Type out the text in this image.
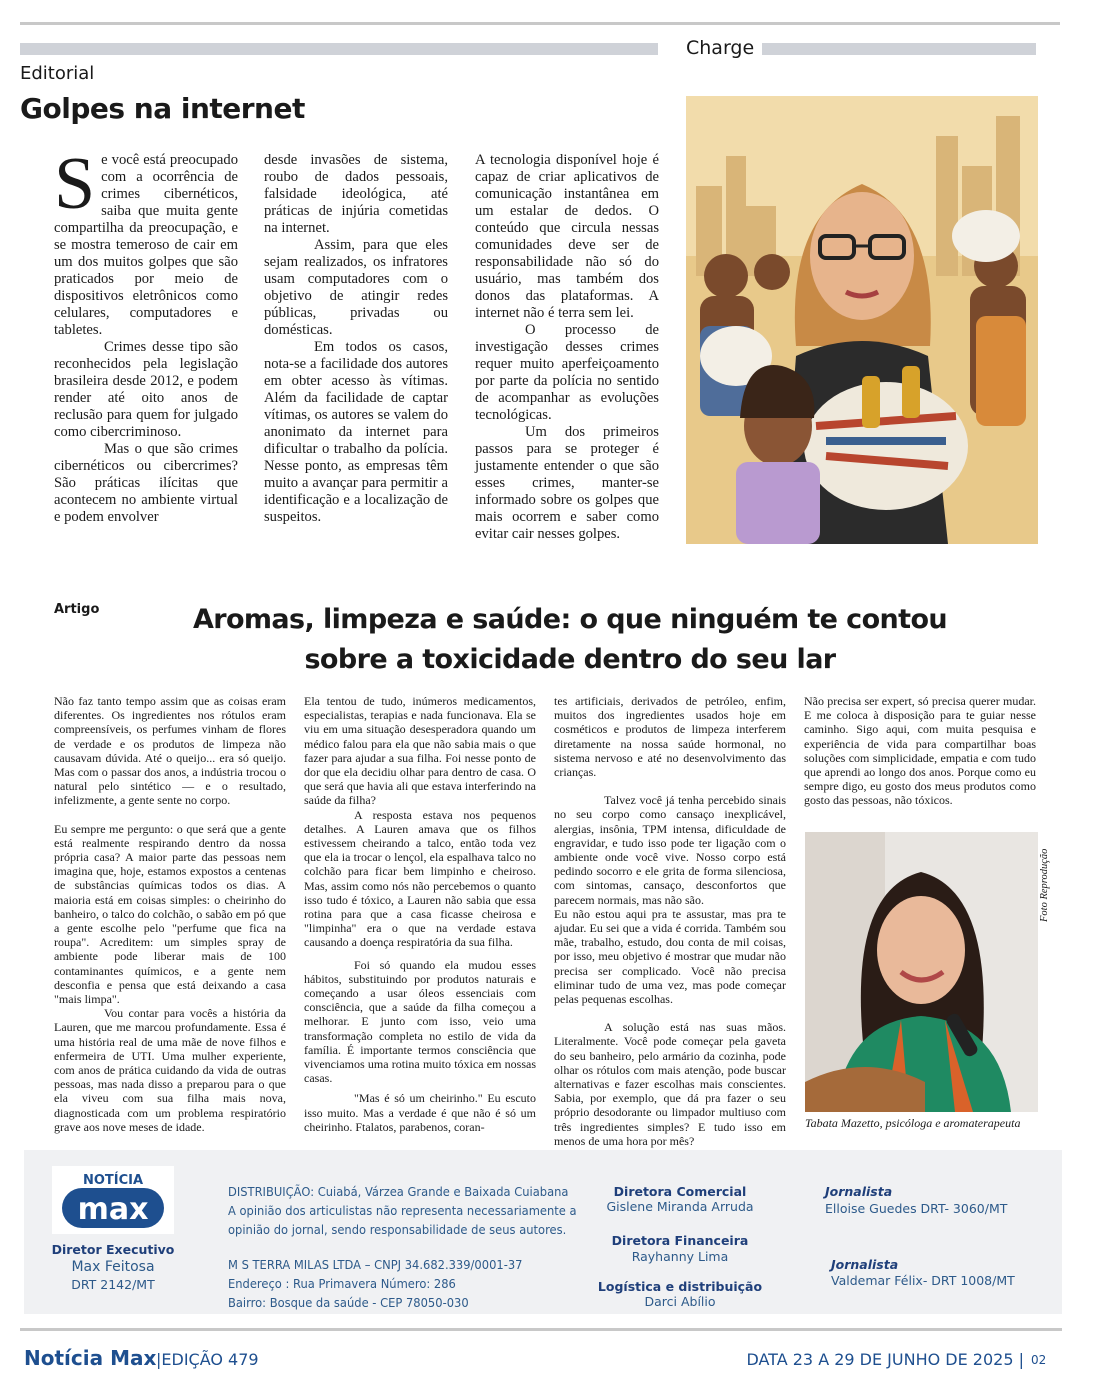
Charge
Editorial
Golpes na internet
S e você está preocupado com a ocorrência de crimes cibernéticos, saiba que muita gente compartilha da preocupação, e se mostra temeroso de cair em um dos muitos golpes que são praticados por meio de dispositivos eletrônicos como celulares, computadores e tabletes.

Crimes desse tipo são reconhecidos pela legislação brasileira desde 2012, e podem render até oito anos de reclusão para quem for julgado como cibercriminoso.

Mas o que são crimes cibernéticos ou cibercrimes? São práticas ilícitas que acontecem no ambiente virtual e podem envolver

desde invasões de sistema, roubo de dados pessoais, falsidade ideológica, até práticas de injúria cometidas na internet.

Assim, para que eles sejam realizados, os infratores usam computadores com o objetivo de atingir redes públicas, privadas ou domésticas.

Em todos os casos, nota-se a facilidade dos autores em obter acesso às vítimas. Além da facilidade de captar vítimas, os autores se valem do anonimato da internet para dificultar o trabalho da polícia. Nesse ponto, as empresas têm muito a avançar para permitir a identificação e a localização de suspeitos.

A tecnologia disponível hoje é capaz de criar aplicativos de comunicação instantânea em um estalar de dedos. O conteúdo que circula nessas comunidades deve ser de responsabilidade não só do usuário, mas também dos donos das plataformas. A internet não é terra sem lei.

O processo de investigação desses crimes requer muito aperfeiçoamento por parte da polícia no sentido de acompanhar as evoluções tecnológicas.

Um dos primeiros passos para se proteger é justamente entender o que são esses crimes, manter-se informado sobre os golpes que mais ocorrem e saber como evitar cair nesses golpes.

Artigo	Aromas, limpeza e saúde: o que ninguém te contou
sobre a toxicidade dentro do seu lar

Não faz tanto tempo assim que as coisas eram diferentes. Os ingredientes nos rótulos eram compreensíveis, os perfumes vinham de flores de verdade e os produtos de limpeza não causavam dúvida. Até o queijo... era só queijo. Mas com o passar dos anos, a indústria trocou o natural pelo sintético — e o resultado, infelizmente, a gente sente no corpo.

Eu sempre me pergunto: o que será que a gente está realmente respirando dentro da nossa própria casa? A maior parte das pessoas nem imagina que, hoje, estamos expostos a centenas de substâncias químicas todos os dias. A maioria está em coisas simples: o cheirinho do banheiro, o talco do colchão, o sabão em pó que a gente escolhe pelo "perfume que fica na roupa". Acreditem: um simples spray de ambiente pode liberar mais de 100 contaminantes químicos, e a gente nem desconfia e pensa que está deixando a casa "mais limpa".

Vou contar para vocês a história da Lauren, que me marcou profundamente. Essa é uma história real de uma mãe de nove filhos e enfermeira de UTI. Uma mulher experiente, com anos de prática cuidando da vida de outras pessoas, mas nada disso a preparou para o que ela viveu com sua filha mais nova, diagnosticada com um problema respiratório grave aos nove meses de idade.

Ela tentou de tudo, inúmeros medicamentos, especialistas, terapias e nada funcionava. Ela se viu em uma situação desesperadora quando um médico falou para ela que não sabia mais o que fazer para ajudar a sua filha. Foi nesse ponto de dor que ela decidiu olhar para dentro de casa. O que será que havia ali que estava interferindo na saúde da filha?

A resposta estava nos pequenos detalhes. A Lauren amava que os filhos estivessem cheirando a talco, então toda vez que ela ia trocar o lençol, ela espalhava talco no colchão para ficar bem limpinho e cheiroso. Mas, assim como nós não percebemos o quanto isso tudo é tóxico, a Lauren não sabia que essa rotina para que a casa ficasse cheirosa e "limpinha" era o que na verdade estava causando a doença respiratória da sua filha.

Foi só quando ela mudou esses hábitos, substituindo por produtos naturais e começando a usar óleos essenciais com consciência, que a saúde da filha começou a melhorar. E junto com isso, veio uma transformação completa no estilo de vida da família. É importante termos consciência que vivenciamos uma rotina muito tóxica em nossas casas.

"Mas é só um cheirinho." Eu escuto isso muito. Mas a verdade é que não é só um cheirinho. Ftalatos, parabenos, coran-

tes artificiais, derivados de petróleo, enfim, muitos dos ingredientes usados hoje em cosméticos e produtos de limpeza interferem diretamente na nossa saúde hormonal, no sistema nervoso e até no desenvolvimento das crianças.

Talvez você já tenha percebido sinais no seu corpo como cansaço inexplicável, alergias, insônia, TPM intensa, dificuldade de engravidar, e tudo isso pode ter ligação com o ambiente onde você vive. Nosso corpo está pedindo socorro e ele grita de forma silenciosa, com sintomas, cansaço, desconfortos que parecem normais, mas não são.

Eu não estou aqui pra te assustar, mas pra te ajudar. Eu sei que a vida é corrida. Também sou mãe, trabalho, estudo, dou conta de mil coisas, por isso, meu objetivo é mostrar que mudar não precisa ser complicado. Você não precisa eliminar tudo de uma vez, mas pode começar pelas pequenas escolhas.

A solução está nas suas mãos. Literalmente. Você pode começar pela gaveta do seu banheiro, pelo armário da cozinha, pode olhar os rótulos com mais atenção, pode buscar alternativas e fazer escolhas mais conscientes. Sabia, por exemplo, que dá pra fazer o seu próprio desodorante ou limpador multiuso com três ingredientes simples? E tudo isso em menos de uma hora por mês?

Não precisa ser expert, só precisa querer mudar. E me coloca à disposição para te guiar nesse caminho. Sigo aqui, com muita pesquisa e experiência de vida para compartilhar boas soluções com simplicidade, empatia e com tudo que aprendi ao longo dos anos. Porque como eu sempre digo, eu gosto dos meus produtos como gosto das pessoas, não tóxicos.

Foto Reprodução
Tabata Mazetto, psicóloga e aromaterapeuta
NOTÍCIA
max
Diretor Executivo
Max Feitosa
DRT 2142/MT
DISTRIBUIÇÃO: Cuiabá, Várzea Grande e Baixada Cuiabana
A opinião dos articulistas não representa necessariamente a
opinião do jornal, sendo responsabilidade de seus autores.
M S TERRA MILAS LTDA – CNPJ 34.682.339/0001-37
Endereço : Rua Primavera Número: 286
Bairro: Bosque da saúde - CEP 78050-030
Diretora Comercial
Gislene Miranda Arruda
Diretora Financeira
Rayhanny Lima
Logística e distribuição
Darci Abílio
Jornalista
Elloise Guedes DRT- 3060/MT
Jornalista
Valdemar Félix- DRT 1008/MT
Notícia Max |EDIÇÃO 479	DATA 23 A 29 DE JUNHO DE 2025 | 02
